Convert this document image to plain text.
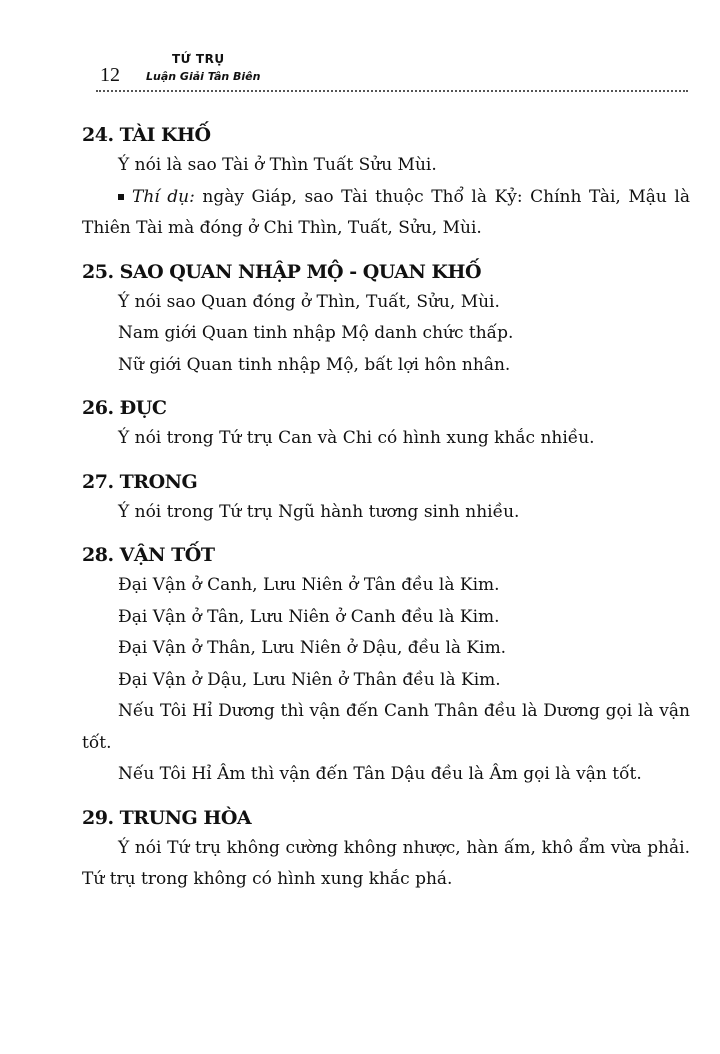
12
TỨ TRỤ
Luận Giải Tân Biên
24. TÀI KHỐ

Ý nói là sao Tài ở Thìn Tuất Sửu Mùi.

Thí dụ: ngày Giáp, sao Tài thuộc Thổ là Kỷ: Chính Tài, Mậu là Thiên Tài mà đóng ở Chi Thìn, Tuất, Sửu, Mùi.

25. SAO QUAN NHẬP MỘ - QUAN KHỐ

Ý nói sao Quan đóng ở Thìn, Tuất, Sửu, Mùi.

Nam giới Quan tinh nhập Mộ danh chức thấp.

Nữ giới Quan tinh nhập Mộ, bất lợi hôn nhân.

26. ĐỤC

Ý nói trong Tứ trụ Can và Chi có hình xung khắc nhiều.

27. TRONG

Ý nói trong Tứ trụ Ngũ hành tương sinh nhiều.

28. VẬN TỐT

Đại Vận ở Canh, Lưu Niên ở Tân đều là Kim.

Đại Vận ở Tân, Lưu Niên ở Canh đều là Kim.

Đại Vận ở Thân, Lưu Niên ở Dậu, đều là Kim.

Đại Vận ở Dậu, Lưu Niên ở Thân đều là Kim.

Nếu Tôi Hỉ Dương thì vận đến Canh Thân đều là Dương gọi là vận tốt.

Nếu Tôi Hỉ Âm thì vận đến Tân Dậu đều là Âm gọi là vận tốt.

29. TRUNG HÒA

Ý nói Tứ trụ không cường không nhược, hàn ấm, khô ẩm vừa phải. Tứ trụ trong không có hình xung khắc phá.
